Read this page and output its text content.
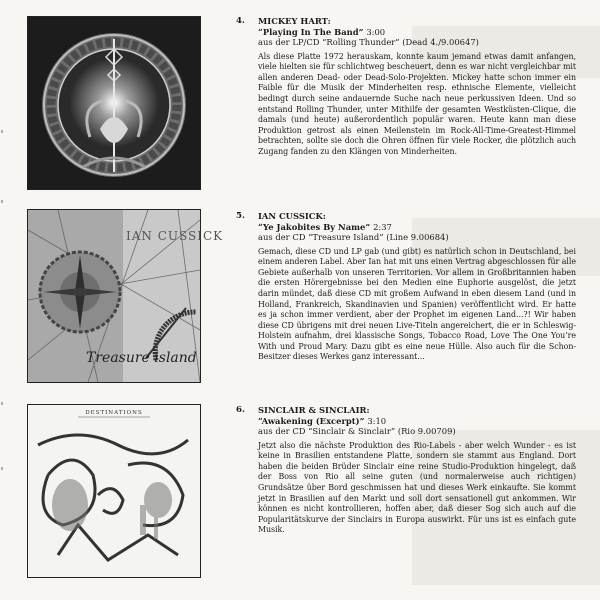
IAN CUSSICK
Treasure island
DESTINATIONS
4. MICKEY HART:
“Playing In The Band” 3:00
aus der LP/CD “Rolling Thunder” (Dead 4./9.00647)
Als diese Platte 1972 herauskam, konnte kaum jemand etwas damit anfangen, viele hielten sie für schlichtweg bescheuert, denn es war nicht vergleichbar mit allen anderen Dead- oder Dead-Solo-Projekten. Mickey hatte schon immer ein Faible für die Musik der Minderheiten resp. ethnische Elemente, vielleicht bedingt durch seine andauernde Suche nach neue perkussiven Ideen. Und so entstand Rolling Thunder, unter Mithilfe der gesamten Westküsten-Clique, die damals (und heute) außerordentlich populär waren. Heute kann man diese Produktion getrost als einen Meilenstein im Rock-All-Time-Greatest-Himmel betrachten, sollte sie doch die Ohren öffnen für viele Rocker, die plötzlich auch Zugang fanden zu den Klängen von Minderheiten.
5. IAN CUSSICK:
“Ye Jakobites By Name” 2:37
aus der CD “Treasure Island” (Line 9.00684)
Gemach, diese CD und LP gab (und gibt) es natürlich schon in Deutschland, bei einem anderen Label. Aber Ian hat mit uns einen Vertrag abgeschlossen für alle Gebiete außerhalb von unseren Territorien. Vor allem in Großbritannien haben die ersten Hörergebnisse bei den Medien eine Euphorie ausgelöst, die jetzt darin mündet, daß diese CD mit großem Aufwand in eben diesem Land (und in Holland, Frankreich, Skandinavien und Spanien) veröffentlicht wird. Er hatte es ja schon immer verdient, aber der Prophet im eigenen Land...?! Wir haben diese CD übrigens mit drei neuen Live-Titeln angereichert, die er in Schleswig-Holstein aufnahm, drei klassische Songs, Tobacco Road, Love The One You’re With und Proud Mary. Dazu gibt es eine neue Hülle. Also auch für die Schon-Besitzer dieses Werkes ganz interessant...
6. SINCLAIR & SINCLAIR:
“Awakening (Excerpt)” 3:10
aus der CD “Sinclair & Sinclair” (Rio 9.00709)
Jetzt also die nächste Produktion des Rio-Labels - aber welch Wunder - es ist keine in Brasilien entstandene Platte, sondern sie stammt aus England. Dort haben die beiden Brüder Sinclair eine reine Studio-Produktion hingelegt, daß der Boss von Rio all seine guten (und normalerweise auch richtigen) Grundsätze über Bord geschmissen hat und dieses Werk einkaufte. Sie kommt jetzt in Brasilien auf den Markt und soll dort sensationell gut ankommen. Wir können es nicht kontrollieren, hoffen aber, daß dieser Sog sich auch auf die Popularitätskurve der Sinclairs in Europa auswirkt. Für uns ist es einfach gute Musik.
